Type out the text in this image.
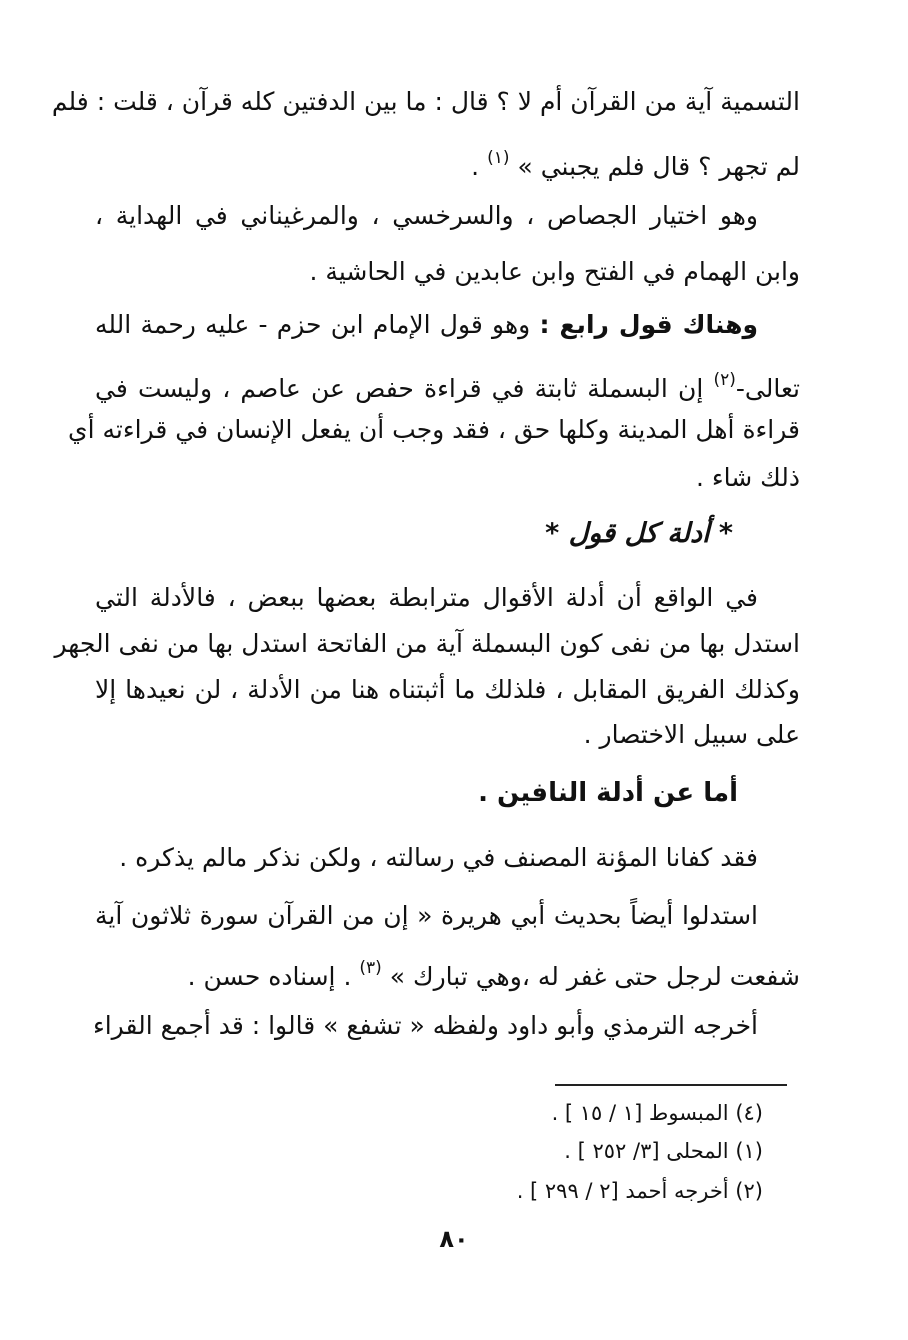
التسمية آية من القرآن أم لا ؟ قال : ما بين الدفتين كله قرآن ، قلت : فلم
لم تجهر ؟ قال فلم يجبني » $^{(١)}$ .
وهو اختيار الجصاص ، والسرخسي ، والمرغيناني في الهداية ،
وابن الهمام في الفتح وابن عابدين في الحاشية .
وهناك قول رابع : وهو قول الإمام ابن حزم - عليه رحمة الله
تعالى-$^{(٢)}$ إن البسملة ثابتة في قراءة حفص عن عاصم ، وليست في
قراءة أهل المدينة وكلها حق ، فقد وجب أن يفعل الإنسان في قراءته أي
ذلك شاء .
* أدلة كل قول *
في الواقع أن أدلة الأقوال مترابطة بعضها ببعض ، فالأدلة التي
استدل بها من نفى كون البسملة آية من الفاتحة استدل بها من نفى الجهر
وكذلك الفريق المقابل ، فلذلك ما أثبتناه هنا من الأدلة ، لن نعيدها إلا
على سبيل الاختصار .
أما عن أدلة النافين .
فقد كفانا المؤنة المصنف في رسالته ، ولكن نذكر مالم يذكره .
استدلوا أيضاً بحديث أبي هريرة « إن من القرآن سورة ثلاثون آية
شفعت لرجل حتى غفر له ،وهي تبارك » $^{(٣)}$ . إسناده حسن .
أخرجه الترمذي وأبو داود ولفظه « تشفع » قالوا : قد أجمع القراء
(٤) المبسوط [١ / ١٥ ] .
(١) المحلى [٣/ ٢٥٢ ] .
(٢) أخرجه أحمد [٢ / ٢٩٩ ] .
٨٠
